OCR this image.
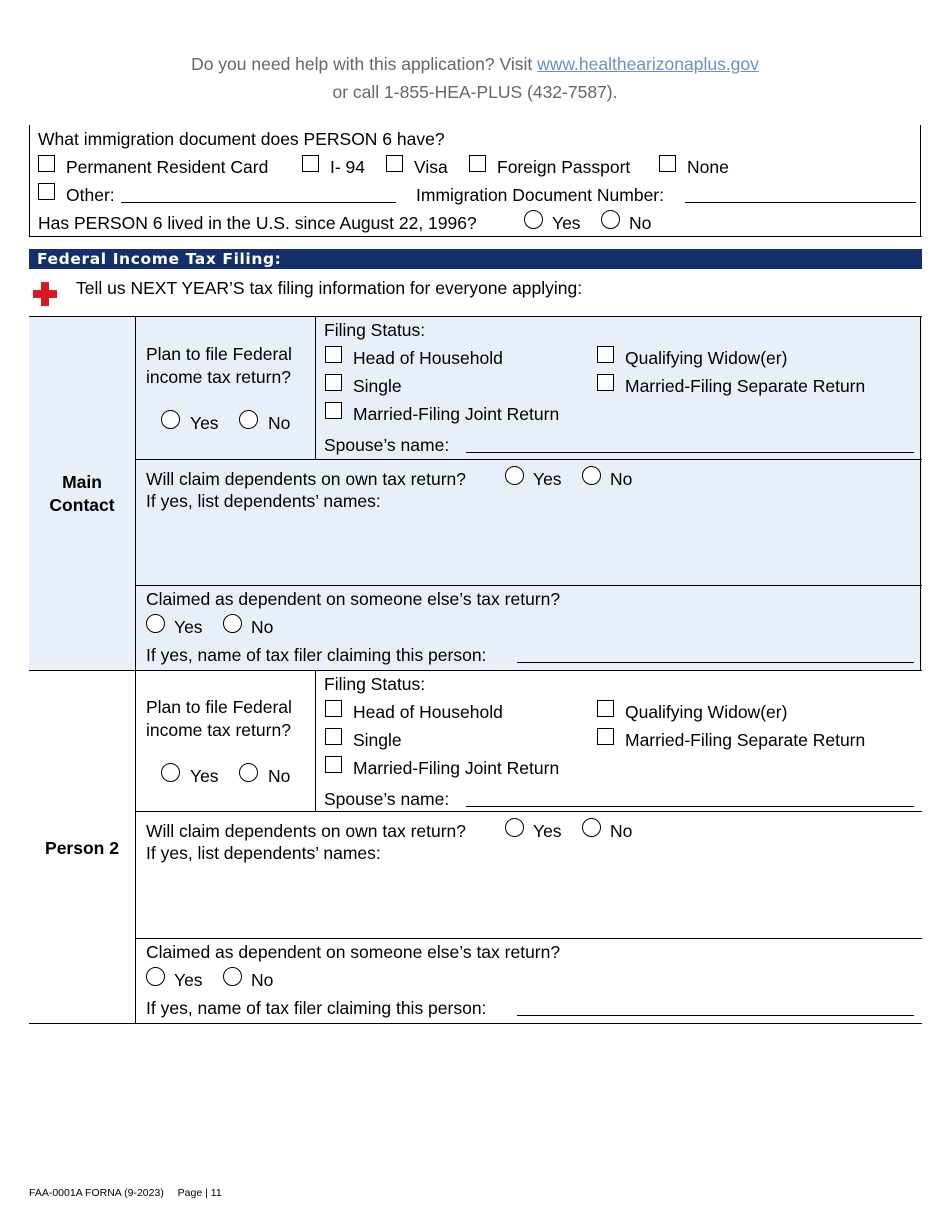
Do you need help with this application? Visit www.healthearizonaplus.gov
or call 1-855-HEA-PLUS (432-7587).
What immigration document does PERSON 6 have?
Permanent Resident Card	I- 94	Visa	Foreign Passport	None
Other:	Immigration Document Number:
Has PERSON 6 lived in the U.S. since August 22, 1996?	Yes	No
Federal Income Tax Filing:
Tell us NEXT YEAR’S tax filing information for everyone applying:
Main Contact
Plan to file Federal
income tax return?
Yes	No
Filing Status:
Head of Household	Qualifying Widow(er)
Single	Married-Filing Separate Return
Married-Filing Joint Return
Spouse’s name:
Will claim dependents on own tax return?	Yes	No
If yes, list dependents’ names:
Claimed as dependent on someone else’s tax return?
Yes	No
If yes, name of tax filer claiming this person:
Person 2
Plan to file Federal
income tax return?
Yes	No
Filing Status:
Head of Household	Qualifying Widow(er)
Single	Married-Filing Separate Return
Married-Filing Joint Return
Spouse’s name:
Will claim dependents on own tax return?	Yes	No
If yes, list dependents’ names:
Claimed as dependent on someone else’s tax return?
Yes	No
If yes, name of tax filer claiming this person:
FAA-0001A FORNA (9-2023) Page | 11
